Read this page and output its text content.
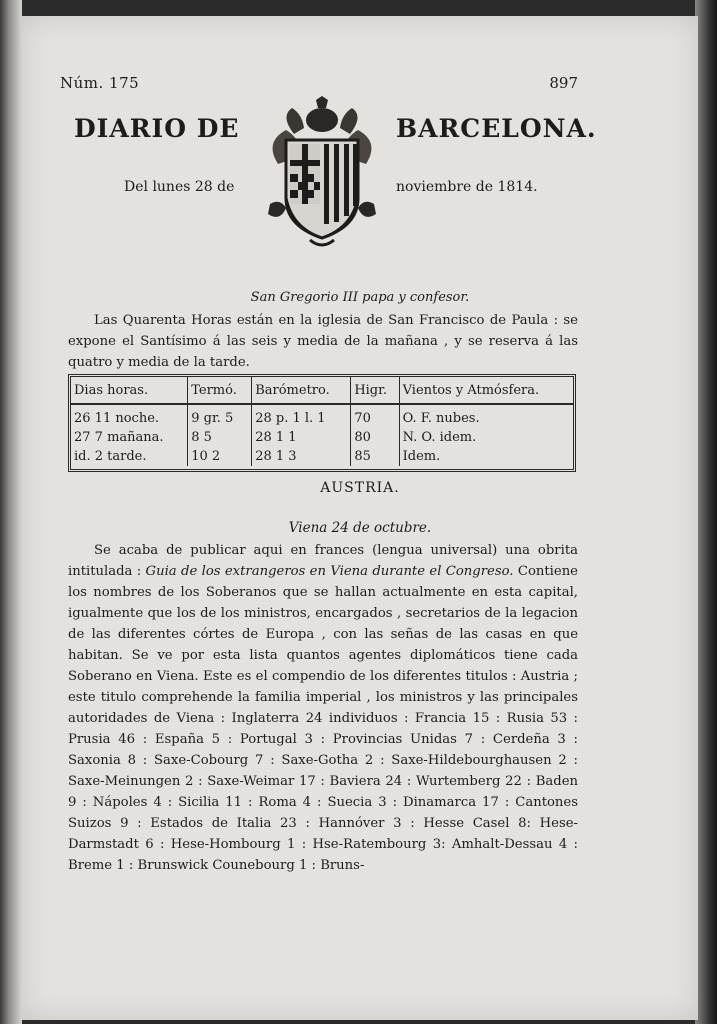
Núm. 175	897
DIARIO DE	BARCELONA.
Del lunes 28 de	noviembre de 1814.
San Gregorio III papa y confesor.
Las Quarenta Horas están en la iglesia de San Francisco de Paula : se expone el Santísimo á las seis y media de la mañana , y se reserva á las quatro y media de la tarde.
Dias horas.	Termó.	Barómetro.	Higr.	Vientos y Atmósfera.
26 11 noche.	9 gr. 5	28 p. 1 l. 1	70	O. F. nubes.
27 7 mañana.	8 5	28 1 1	80	N. O. idem.
id. 2 tarde.	10 2	28 1 3	85	Idem.
AUSTRIA.
Viena 24 de octubre.
Se acaba de publicar aqui en frances (lengua universal) una obrita intitulada : Guia de los extrangeros en Viena durante el Congreso. Contiene los nombres de los Soberanos que se hallan actualmente en esta capital, igualmente que los de los ministros, encargados , secretarios de la legacion de las diferentes córtes de Europa , con las señas de las casas en que habitan. Se ve por esta lista quantos agentes diplomáticos tiene cada Soberano en Viena. Este es el compendio de los diferentes titulos : Austria ; este titulo comprehende la familia imperial , los ministros y las principales autoridades de Viena : Inglaterra 24 individuos : Francia 15 : Rusia 53 : Prusia 46 : España 5 : Portugal 3 : Provincias Unidas 7 : Cerdeña 3 : Saxonia 8 : Saxe-Cobourg 7 : Saxe-Gotha 2 : Saxe-Hildebourghausen 2 : Saxe-Meinungen 2 : Saxe-Weimar 17 : Baviera 24 : Wurtemberg 22 : Baden 9 : Nápoles 4 : Sicilia 11 : Roma 4 : Suecia 3 : Dinamarca 17 : Cantones Suizos 9 : Estados de Italia 23 : Hannóver 3 : Hesse Casel 8: Hese-Darmstadt 6 : Hese-Hombourg 1 : Hse-Ratembourg 3: Amhalt-Dessau 4 : Breme 1 : Brunswick Counebourg 1 : Bruns-
